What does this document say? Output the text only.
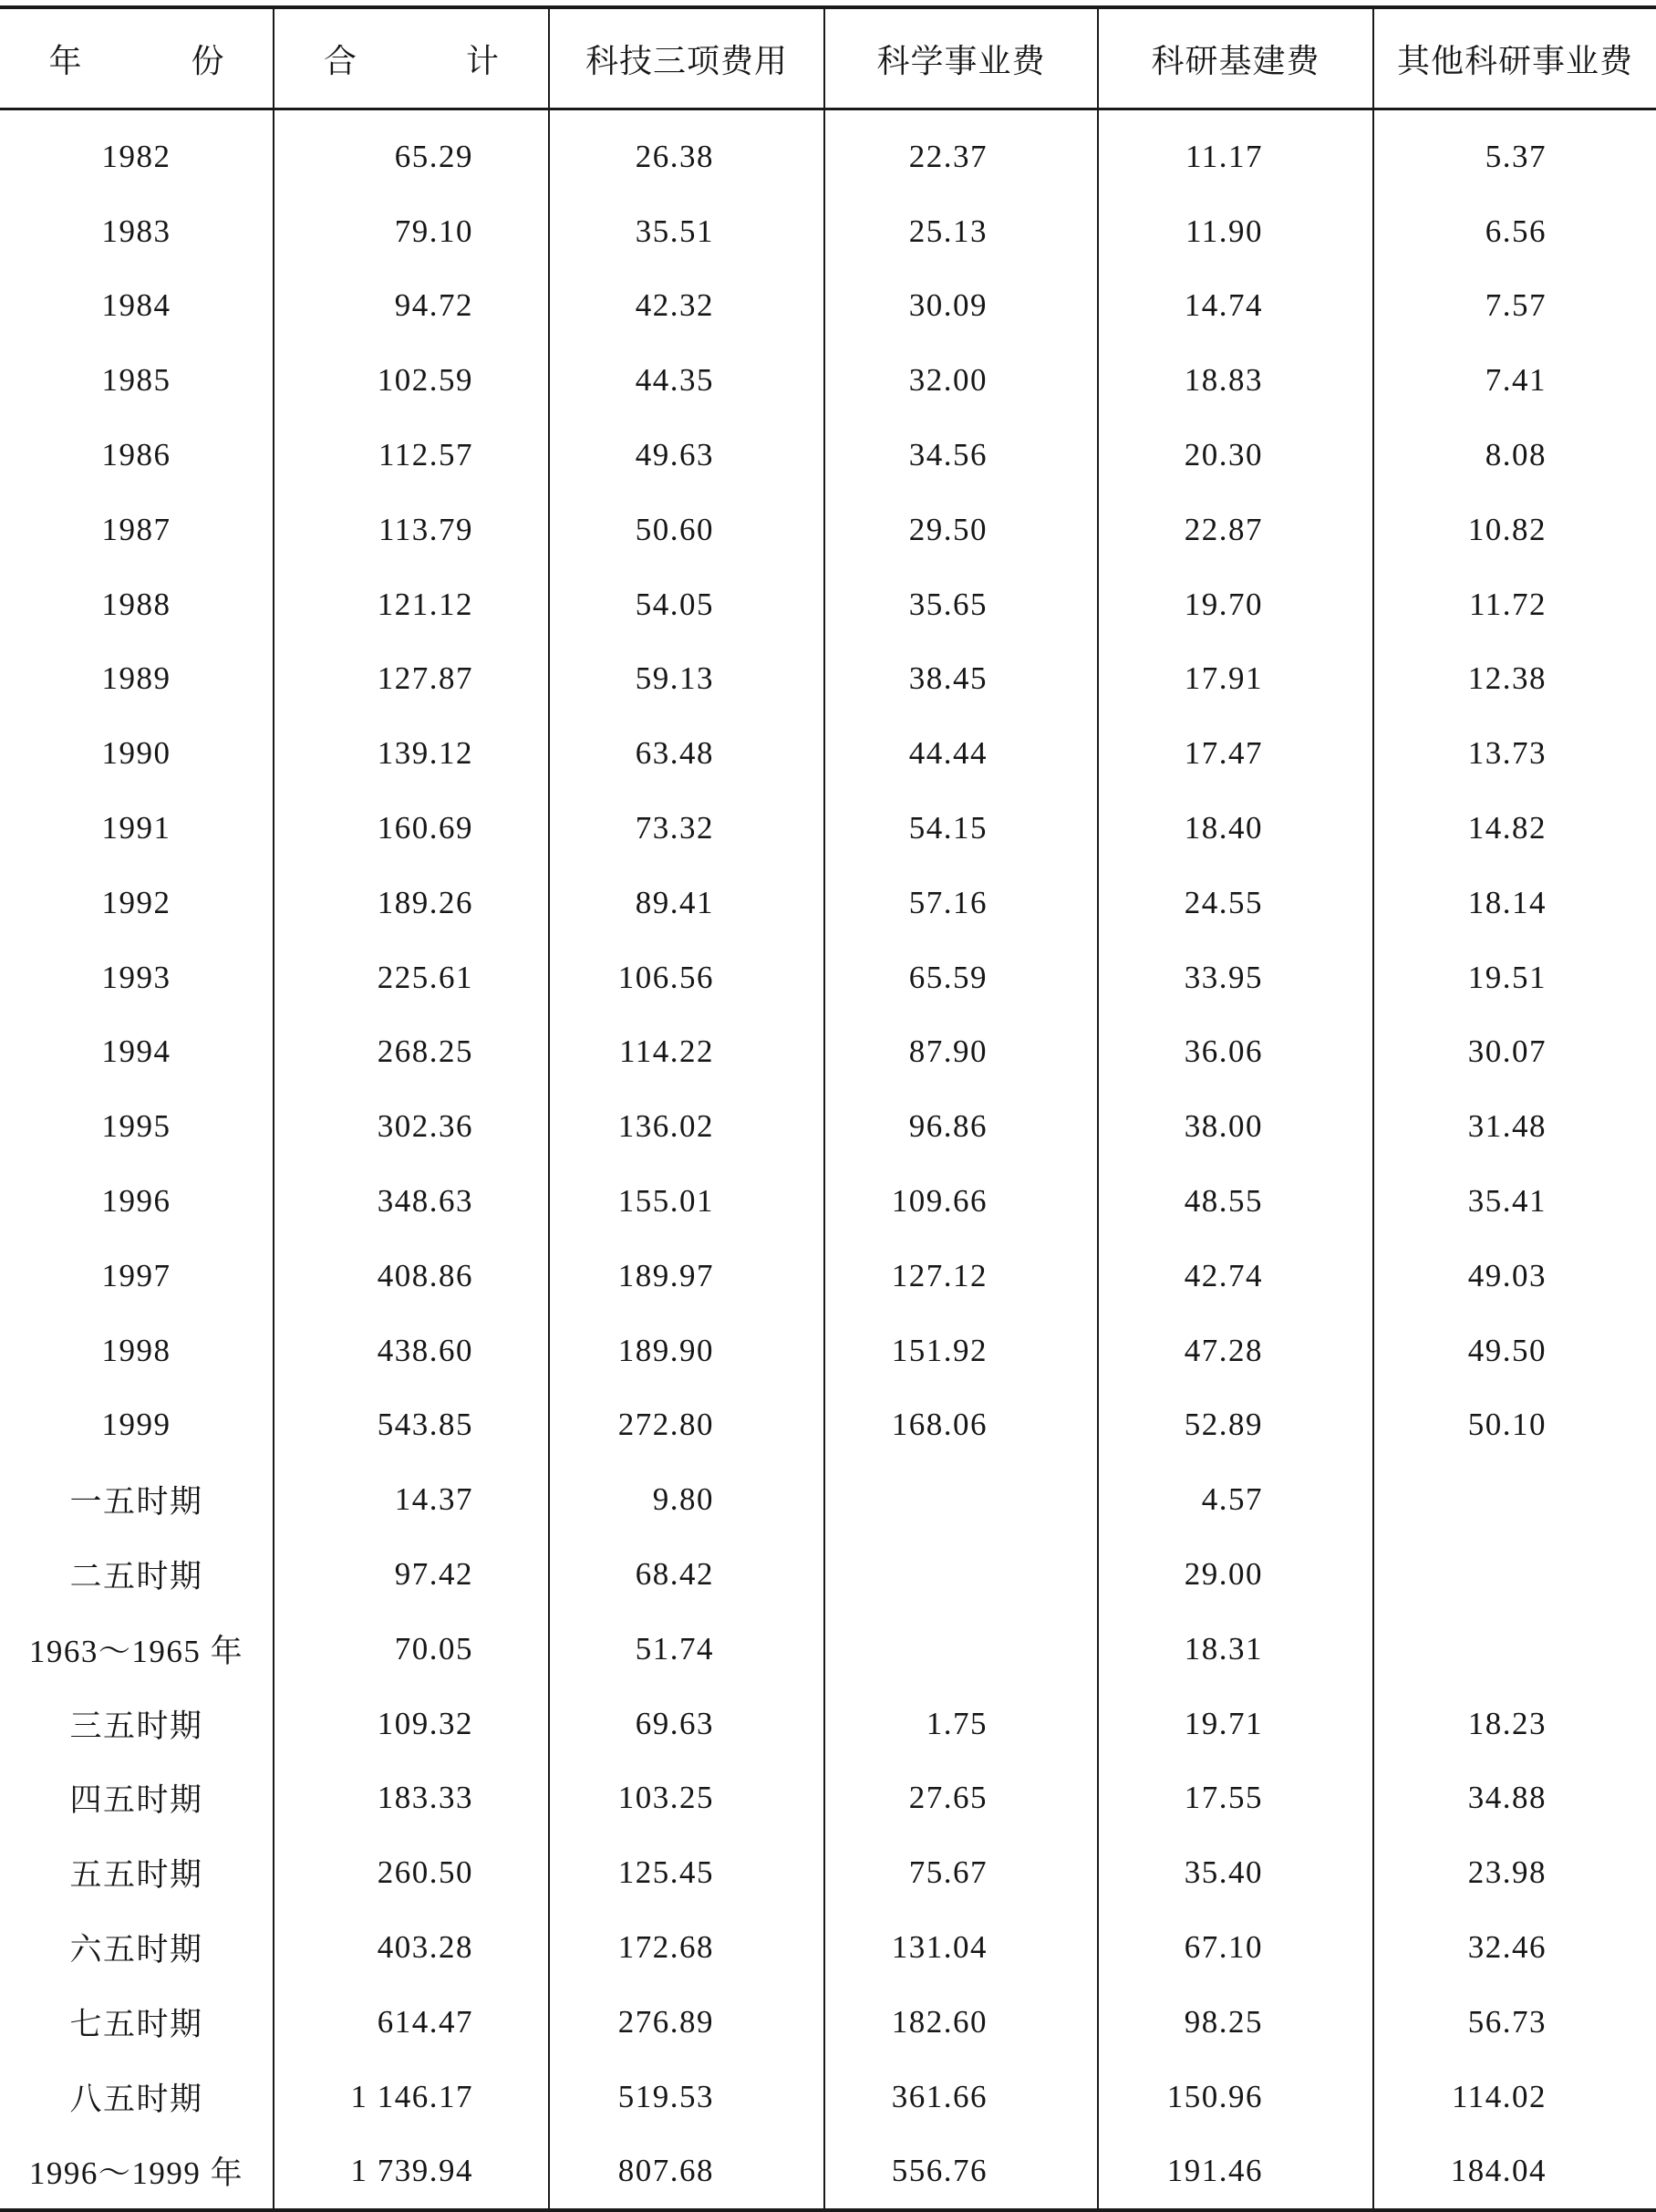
年 份	合 计	科技三项费用	科学事业费	科研基建费	其他科研事业费
1982	65.29	26.38	22.37	11.17	5.37
1983	79.10	35.51	25.13	11.90	6.56
1984	94.72	42.32	30.09	14.74	7.57
1985	102.59	44.35	32.00	18.83	7.41
1986	112.57	49.63	34.56	20.30	8.08
1987	113.79	50.60	29.50	22.87	10.82
1988	121.12	54.05	35.65	19.70	11.72
1989	127.87	59.13	38.45	17.91	12.38
1990	139.12	63.48	44.44	17.47	13.73
1991	160.69	73.32	54.15	18.40	14.82
1992	189.26	89.41	57.16	24.55	18.14
1993	225.61	106.56	65.59	33.95	19.51
1994	268.25	114.22	87.90	36.06	30.07
1995	302.36	136.02	96.86	38.00	31.48
1996	348.63	155.01	109.66	48.55	35.41
1997	408.86	189.97	127.12	42.74	49.03
1998	438.60	189.90	151.92	47.28	49.50
1999	543.85	272.80	168.06	52.89	50.10
一五时期	14.37	9.80		4.57	
二五时期	97.42	68.42		29.00	
1963～1965 年	70.05	51.74		18.31	
三五时期	109.32	69.63	1.75	19.71	18.23
四五时期	183.33	103.25	27.65	17.55	34.88
五五时期	260.50	125.45	75.67	35.40	23.98
六五时期	403.28	172.68	131.04	67.10	32.46
七五时期	614.47	276.89	182.60	98.25	56.73
八五时期	1 146.17	519.53	361.66	150.96	114.02
1996～1999 年	1 739.94	807.68	556.76	191.46	184.04
